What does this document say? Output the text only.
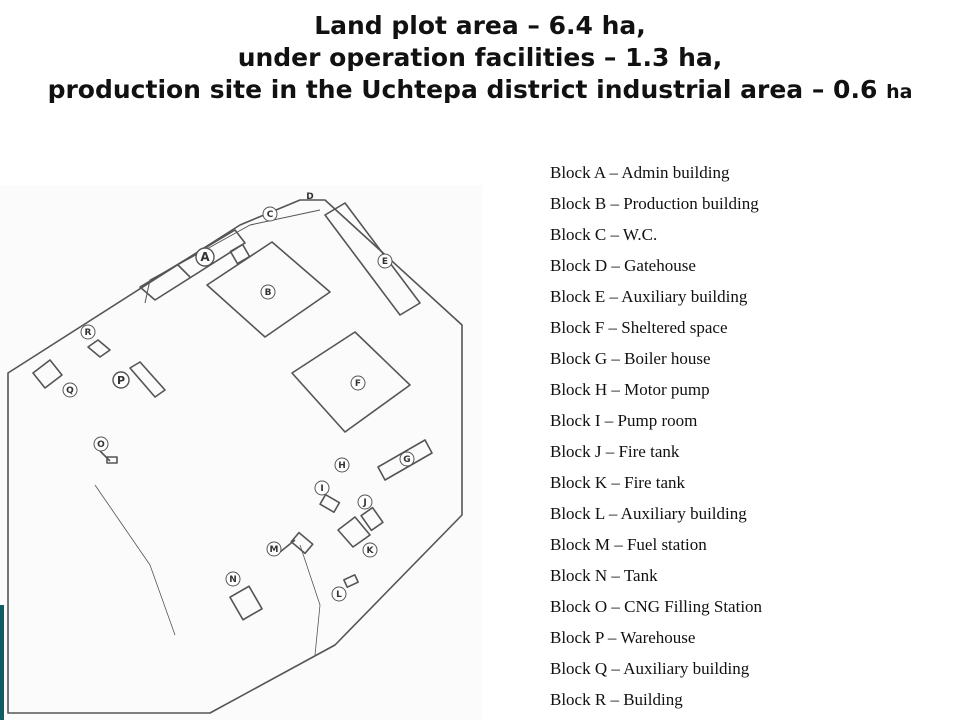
Land plot area – 6.4 ha,
under operation facilities – 1.3 ha,
production site in the Uchtepa district industrial area – 0.6 ha
A
B
C
D
E
F
G
H
I
J
K
L
M
N
O
P
Q
R
Block A – Admin building
Block B – Production building
Block C – W.C.
Block D – Gatehouse
Block E – Auxiliary building
Block F – Sheltered space
Block G – Boiler house
Block H – Motor pump
Block I – Pump room
Block J – Fire tank
Block K – Fire tank
Block L – Auxiliary building
Block M – Fuel station
Block N – Tank
Block O – CNG Filling Station
Block P – Warehouse
Block Q – Auxiliary building
Block R – Building
